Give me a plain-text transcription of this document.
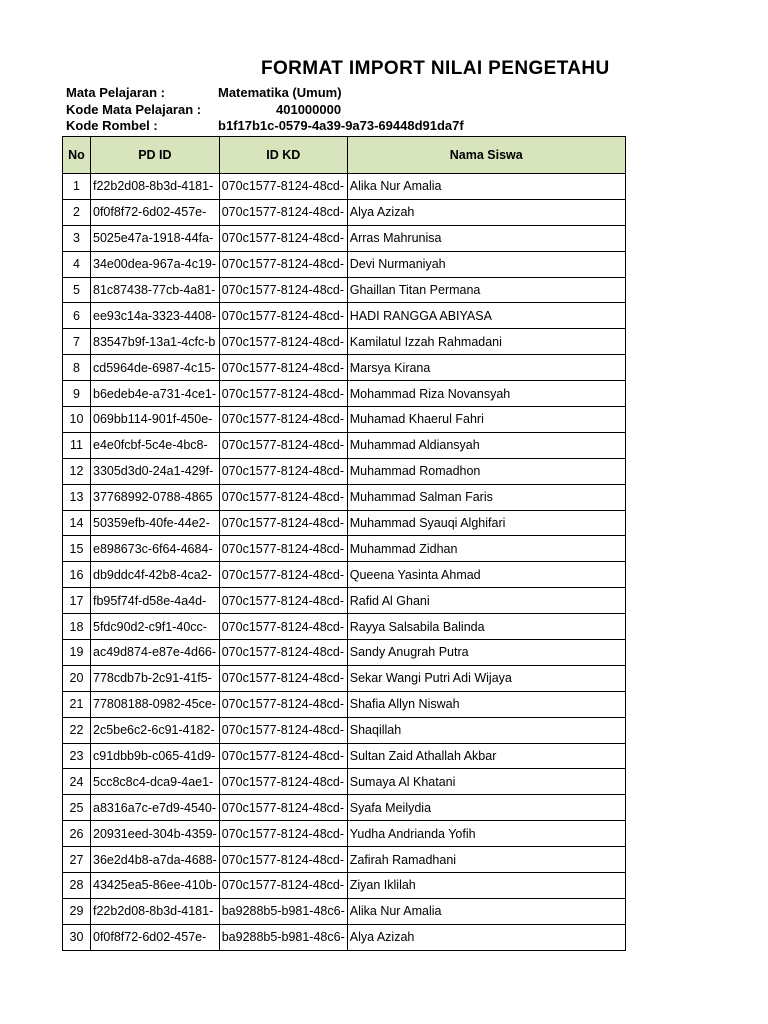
FORMAT IMPORT NILAI PENGETAHU
Mata Pelajaran :	Matematika (Umum)
Kode Mata Pelajaran :	401000000
Kode Rombel :	b1f17b1c-0579-4a39-9a73-69448d91da7f
No	PD ID	ID KD	Nama Siswa
1	f22b2d08-8b3d-4181-	070c1577-8124-48cd-	Alika Nur Amalia
2	0f0f8f72-6d02-457e-	070c1577-8124-48cd-	Alya Azizah
3	5025e47a-1918-44fa-	070c1577-8124-48cd-	Arras Mahrunisa
4	34e00dea-967a-4c19-	070c1577-8124-48cd-	Devi Nurmaniyah
5	81c87438-77cb-4a81-	070c1577-8124-48cd-	Ghaillan Titan Permana
6	ee93c14a-3323-4408-	070c1577-8124-48cd-	HADI RANGGA ABIYASA
7	83547b9f-13a1-4cfc-b	070c1577-8124-48cd-	Kamilatul Izzah Rahmadani
8	cd5964de-6987-4c15-	070c1577-8124-48cd-	Marsya Kirana
9	b6edeb4e-a731-4ce1-	070c1577-8124-48cd-	Mohammad Riza Novansyah
10	069bb114-901f-450e-	070c1577-8124-48cd-	Muhamad Khaerul Fahri
11	e4e0fcbf-5c4e-4bc8-	070c1577-8124-48cd-	Muhammad Aldiansyah
12	3305d3d0-24a1-429f-	070c1577-8124-48cd-	Muhammad Romadhon
13	37768992-0788-4865	070c1577-8124-48cd-	Muhammad Salman Faris
14	50359efb-40fe-44e2-	070c1577-8124-48cd-	Muhammad Syauqi Alghifari
15	e898673c-6f64-4684-	070c1577-8124-48cd-	Muhammad Zidhan
16	db9ddc4f-42b8-4ca2-	070c1577-8124-48cd-	Queena Yasinta Ahmad
17	fb95f74f-d58e-4a4d-	070c1577-8124-48cd-	Rafid Al Ghani
18	5fdc90d2-c9f1-40cc-	070c1577-8124-48cd-	Rayya Salsabila Balinda
19	ac49d874-e87e-4d66-	070c1577-8124-48cd-	Sandy Anugrah Putra
20	778cdb7b-2c91-41f5-	070c1577-8124-48cd-	Sekar Wangi Putri Adi Wijaya
21	77808188-0982-45ce-	070c1577-8124-48cd-	Shafia Allyn Niswah
22	2c5be6c2-6c91-4182-	070c1577-8124-48cd-	Shaqillah
23	c91dbb9b-c065-41d9-	070c1577-8124-48cd-	Sultan Zaid Athallah Akbar
24	5cc8c8c4-dca9-4ae1-	070c1577-8124-48cd-	Sumaya Al Khatani
25	a8316a7c-e7d9-4540-	070c1577-8124-48cd-	Syafa Meilydia
26	20931eed-304b-4359-	070c1577-8124-48cd-	Yudha Andrianda Yofih
27	36e2d4b8-a7da-4688-	070c1577-8124-48cd-	Zafirah Ramadhani
28	43425ea5-86ee-410b-	070c1577-8124-48cd-	Ziyan Iklilah
29	f22b2d08-8b3d-4181-	ba9288b5-b981-48c6-	Alika Nur Amalia
30	0f0f8f72-6d02-457e-	ba9288b5-b981-48c6-	Alya Azizah
